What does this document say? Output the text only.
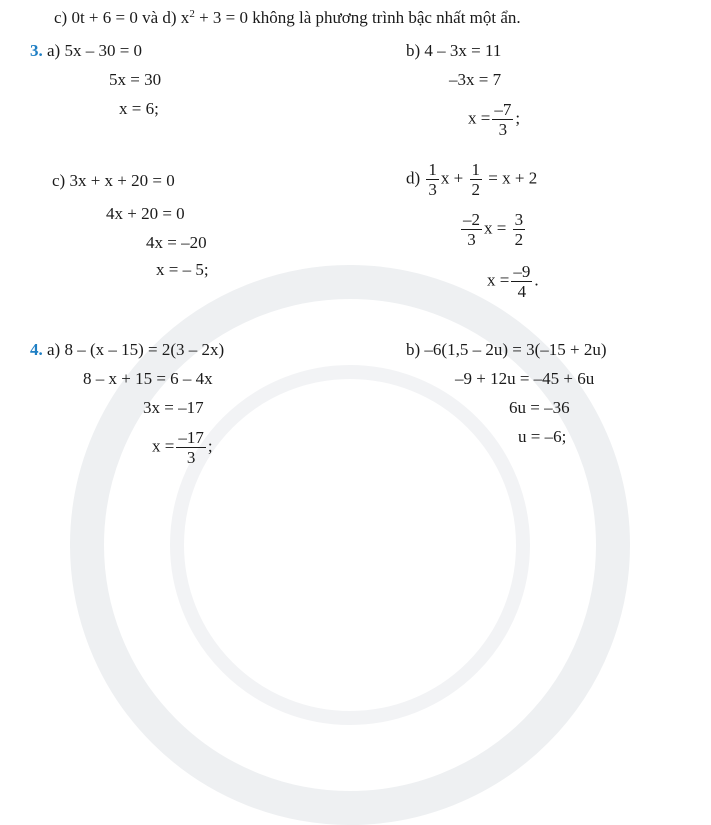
c) 0t + 6 = 0 và d) $x^2 + 3 = 0$ không là phương trình bậc nhất một ẩn.
3. a) 5x – 30 = 0
5x = 30
x = 6;
b) 4 – 3x = 11
–3x = 7
$x = \frac{-7}{3}$ ;
c) 3x + x + 20 = 0
4x + 20 = 0
4x = –20
x = – 5;
$d) \frac{1}{3}$ $x + \frac{1}{2} = x + 2$
$\frac{-2}{3}$ $x = \frac{3}{2}$
$x = \frac{-9}{4}$ .
4. a) 8 – (x – 15) = 2(3 – 2x)
8 – x + 15 = 6 – 4x
3x = –17
$x = \frac{-17}{3}$ ;
b) –6(1,5 – 2u) = 3(–15 + 2u)
–9 + 12u = –45 + 6u
6u = –36
u = –6;
